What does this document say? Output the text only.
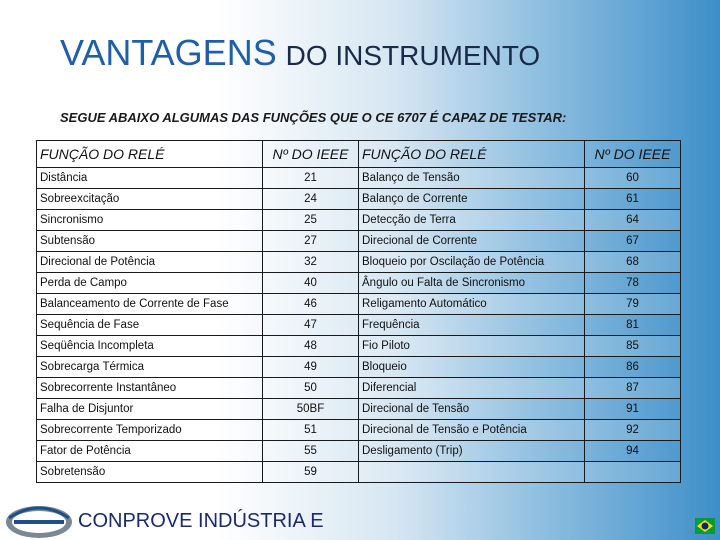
VANTAGENS DO INSTRUMENTO
SEGUE ABAIXO ALGUMAS DAS FUNÇÕES QUE O CE 6707 É CAPAZ DE TESTAR:
FUNÇÃO DO RELÉ	Nº DO IEEE	FUNÇÃO DO RELÉ	Nº DO IEEE
Distância	21	Balanço de Tensão	60
Sobreexcitação	24	Balanço de Corrente	61
Sincronismo	25	Detecção de Terra	64
Subtensão	27	Direcional de Corrente	67
Direcional de Potência	32	Bloqueio por Oscilação de Potência	68
Perda de Campo	40	Ângulo ou Falta de Sincronismo	78
Balanceamento de Corrente de Fase	46	Religamento Automático	79
Sequência de Fase	47	Frequência	81
Seqüência Incompleta	48	Fio Piloto	85
Sobrecarga Térmica	49	Bloqueio	86
Sobrecorrente Instantâneo	50	Diferencial	87
Falha de Disjuntor	50BF	Direcional de Tensão	91
Sobrecorrente Temporizado	51	Direcional de Tensão e Potência	92
Fator de Potência	55	Desligamento (Trip)	94
Sobretensão	59		
CONPROVE INDÚSTRIA E
